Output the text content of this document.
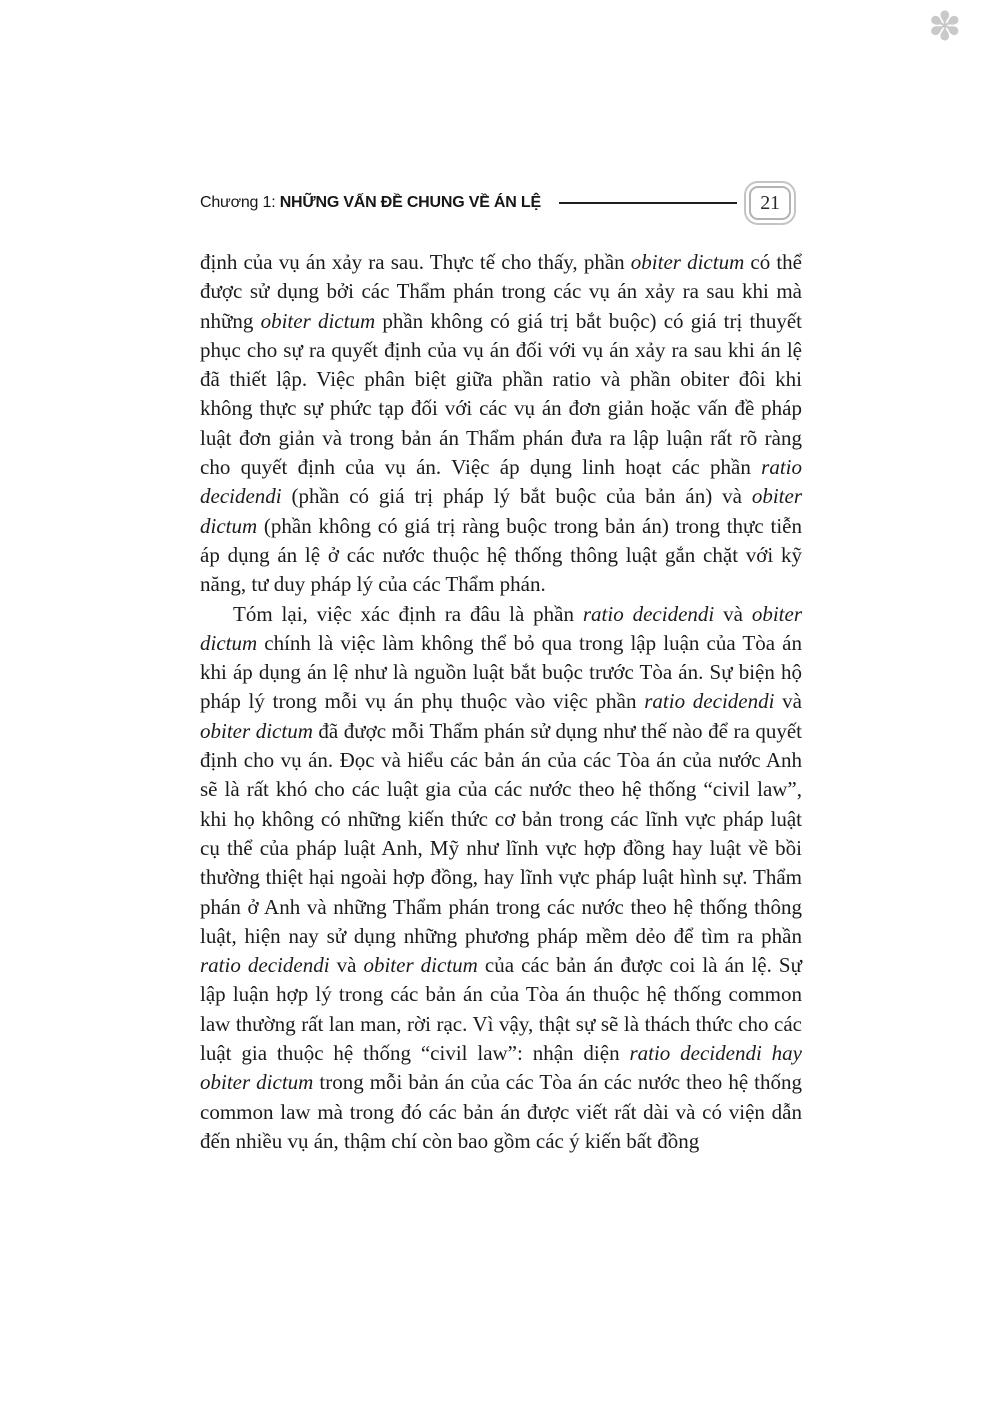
✽
Chương 1: NHỮNG VẤN ĐỀ CHUNG VỀ ÁN LỆ	21

định của vụ án xảy ra sau. Thực tế cho thấy, phần obiter dictum có thể được sử dụng bởi các Thẩm phán trong các vụ án xảy ra sau khi mà những obiter dictum phần không có giá trị bắt buộc) có giá trị thuyết phục cho sự ra quyết định của vụ án đối với vụ án xảy ra sau khi án lệ đã thiết lập. Việc phân biệt giữa phần ratio và phần obiter đôi khi không thực sự phức tạp đối với các vụ án đơn giản hoặc vấn đề pháp luật đơn giản và trong bản án Thẩm phán đưa ra lập luận rất rõ ràng cho quyết định của vụ án. Việc áp dụng linh hoạt các phần ratio decidendi (phần có giá trị pháp lý bắt buộc của bản án) và obiter dictum (phần không có giá trị ràng buộc trong bản án) trong thực tiễn áp dụng án lệ ở các nước thuộc hệ thống thông luật gắn chặt với kỹ năng, tư duy pháp lý của các Thẩm phán.

Tóm lại, việc xác định ra đâu là phần ratio decidendi và obiter dictum chính là việc làm không thể bỏ qua trong lập luận của Tòa án khi áp dụng án lệ như là nguồn luật bắt buộc trước Tòa án. Sự biện hộ pháp lý trong mỗi vụ án phụ thuộc vào việc phần ratio decidendi và obiter dictum đã được mỗi Thẩm phán sử dụng như thế nào để ra quyết định cho vụ án. Đọc và hiểu các bản án của các Tòa án của nước Anh sẽ là rất khó cho các luật gia của các nước theo hệ thống “civil law”, khi họ không có những kiến thức cơ bản trong các lĩnh vực pháp luật cụ thể của pháp luật Anh, Mỹ như lĩnh vực hợp đồng hay luật về bồi thường thiệt hại ngoài hợp đồng, hay lĩnh vực pháp luật hình sự. Thẩm phán ở Anh và những Thẩm phán trong các nước theo hệ thống thông luật, hiện nay sử dụng những phương pháp mềm dẻo để tìm ra phần ratio decidendi và obiter dictum của các bản án được coi là án lệ. Sự lập luận hợp lý trong các bản án của Tòa án thuộc hệ thống common law thường rất lan man, rời rạc. Vì vậy, thật sự sẽ là thách thức cho các luật gia thuộc hệ thống “civil law”: nhận diện ratio decidendi hay obiter dictum trong mỗi bản án của các Tòa án các nước theo hệ thống common law mà trong đó các bản án được viết rất dài và có viện dẫn đến nhiều vụ án, thậm chí còn bao gồm các ý kiến bất đồng
